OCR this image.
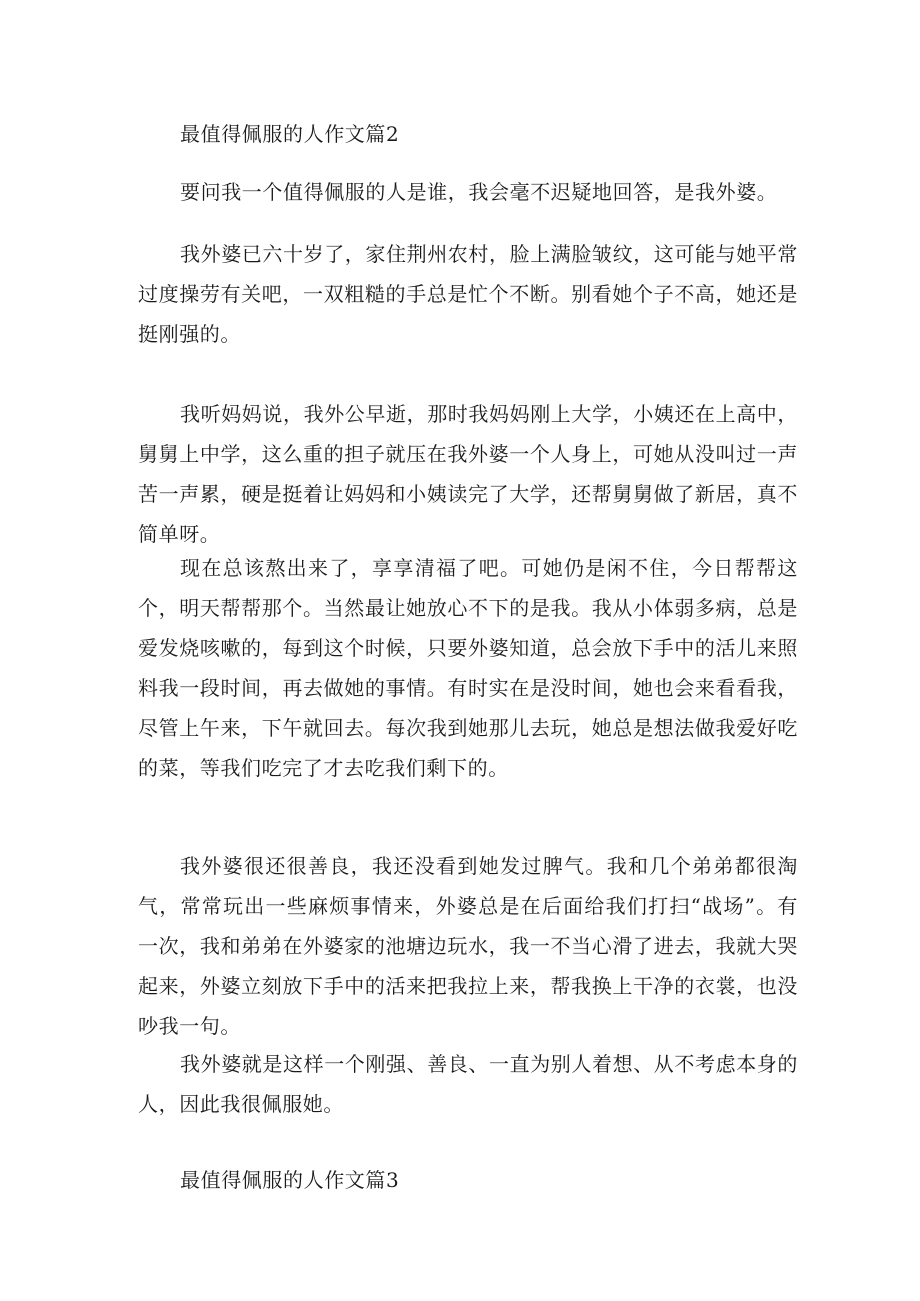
最值得佩服的人作文篇2

要问我一个值得佩服的人是谁，我会毫不迟疑地回答，是我外婆。

我外婆已六十岁了，家住荆州农村，脸上满脸皱纹，这可能与她平常过度操劳有关吧，一双粗糙的手总是忙个不断。别看她个子不高，她还是挺刚强的。

我听妈妈说，我外公早逝，那时我妈妈刚上大学，小姨还在上高中，舅舅上中学，这么重的担子就压在我外婆一个人身上，可她从没叫过一声苦一声累，硬是挺着让妈妈和小姨读完了大学，还帮舅舅做了新居，真不简单呀。

现在总该熬出来了，享享清福了吧。可她仍是闲不住，今日帮帮这个，明天帮帮那个。当然最让她放心不下的是我。我从小体弱多病，总是爱发烧咳嗽的，每到这个时候，只要外婆知道，总会放下手中的活儿来照料我一段时间，再去做她的事情。有时实在是没时间，她也会来看看我，尽管上午来，下午就回去。每次我到她那儿去玩，她总是想法做我爱好吃的菜，等我们吃完了才去吃我们剩下的。

我外婆很还很善良，我还没看到她发过脾气。我和几个弟弟都很淘气，常常玩出一些麻烦事情来，外婆总是在后面给我们打扫“战场”。有一次，我和弟弟在外婆家的池塘边玩水，我一不当心滑了进去，我就大哭起来，外婆立刻放下手中的活来把我拉上来，帮我换上干净的衣裳，也没吵我一句。

我外婆就是这样一个刚强、善良、一直为别人着想、从不考虑本身的人，因此我很佩服她。

最值得佩服的人作文篇3
